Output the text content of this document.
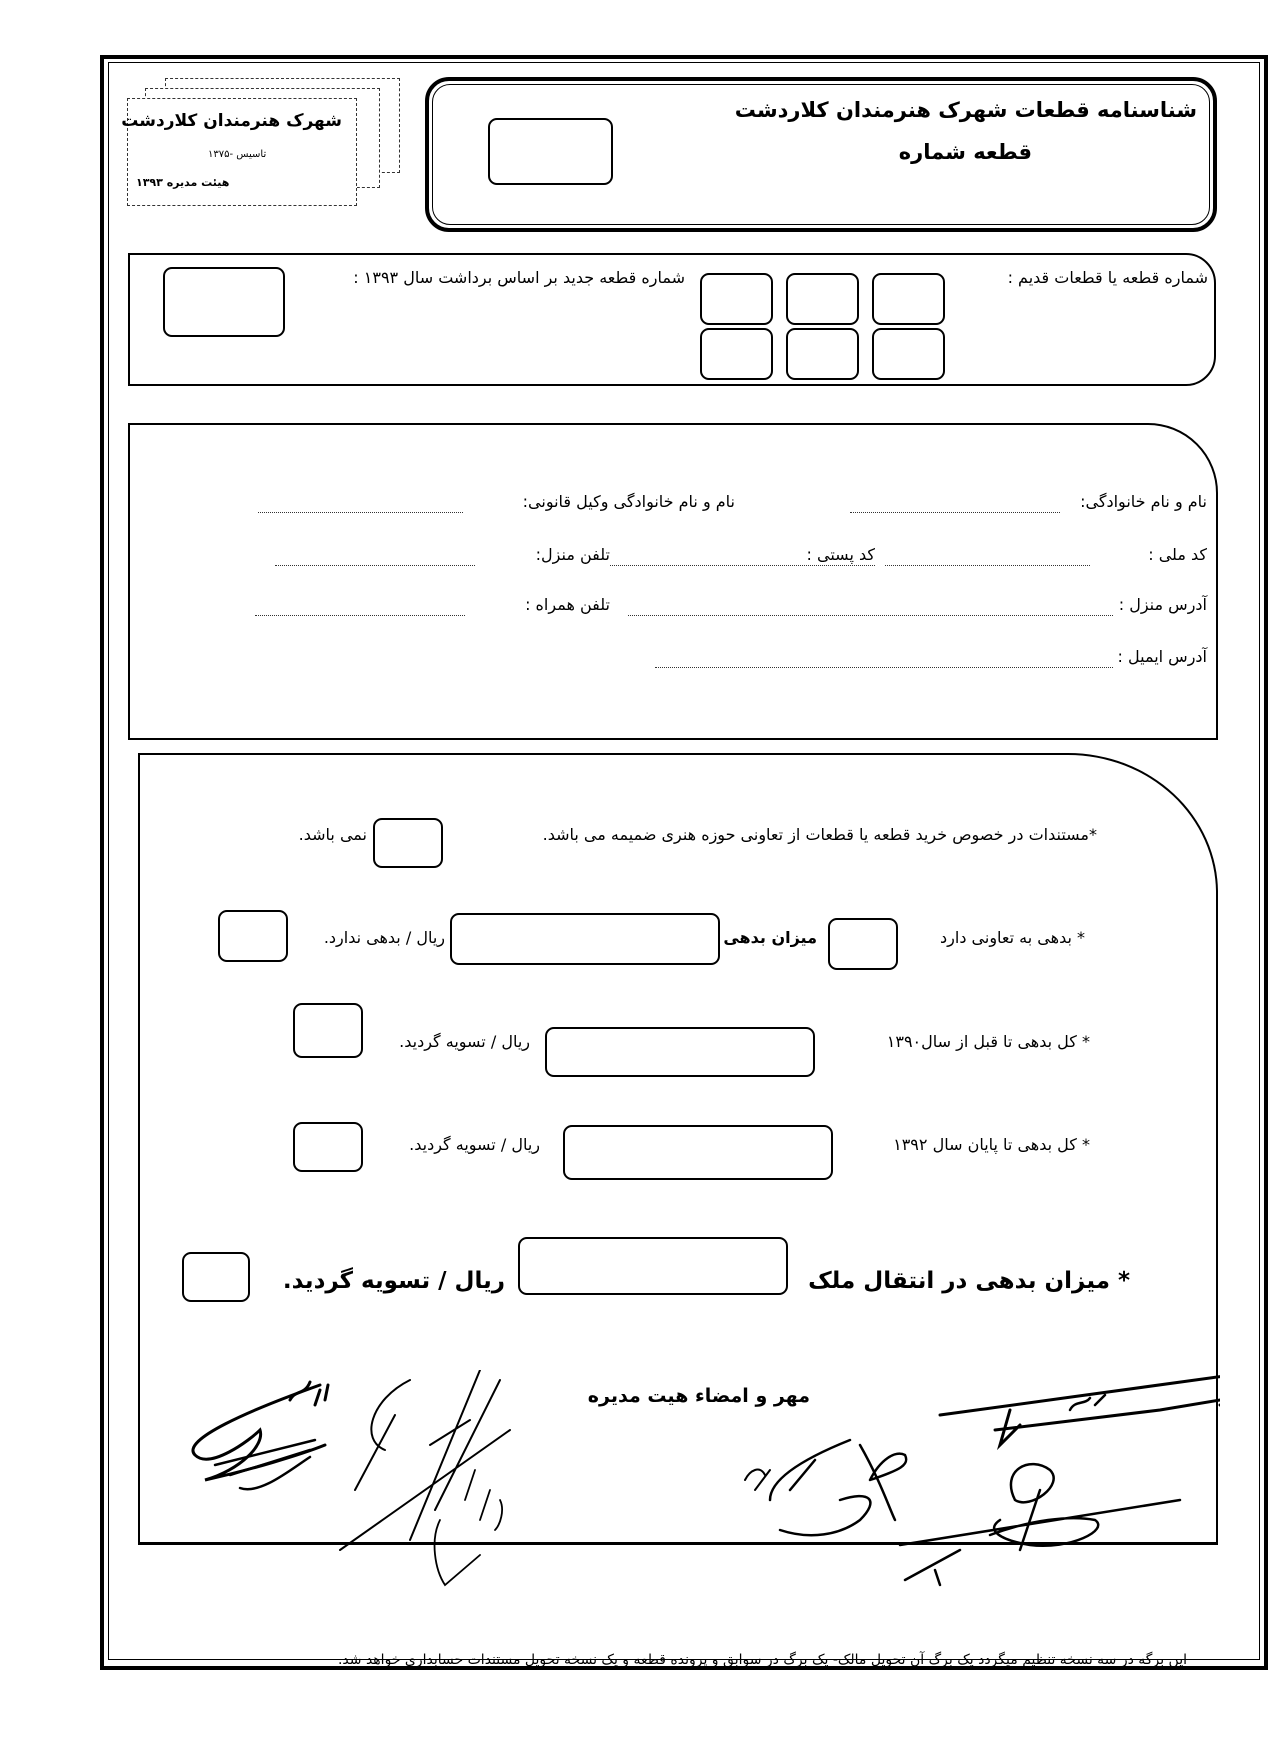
شهرک هنرمندان کلاردشت
تاسیس -۱۳۷۵
هیئت مدیره ۱۳۹۳
شناسنامه قطعات شهرک هنرمندان کلاردشت
قطعه شماره
شماره قطعه یا قطعات قدیم :
شماره قطعه جدید بر اساس برداشت سال ۱۳۹۳ :
نام و نام خانوادگی:
نام و نام خانوادگی وکیل قانونی:
کد ملی :
کد پستی :
تلفن منزل:
آدرس منزل :
تلفن همراه :
آدرس ایمیل :
*مستندات در خصوص خرید قطعه یا قطعات از تعاونی حوزه هنری ضمیمه می باشد.
نمی باشد.
* بدهی به تعاونی دارد
میزان بدهی
ریال / بدهی ندارد.
* کل بدهی تا قبل از سال۱۳۹۰
ریال / تسویه گردید.
* کل بدهی تا پایان سال ۱۳۹۲
ریال / تسویه گردید.
* میزان بدهی در انتقال ملک
ریال / تسویه گردید.
مهر و امضاء هیت مدیره
این برگه در سه نسخه تنظیم میگردد یک برگ آن تحویل مالک- یک برگ در سوابق و پرونده قطعه و یک نسخه تحویل مستندات حسابداری خواهد شد.
